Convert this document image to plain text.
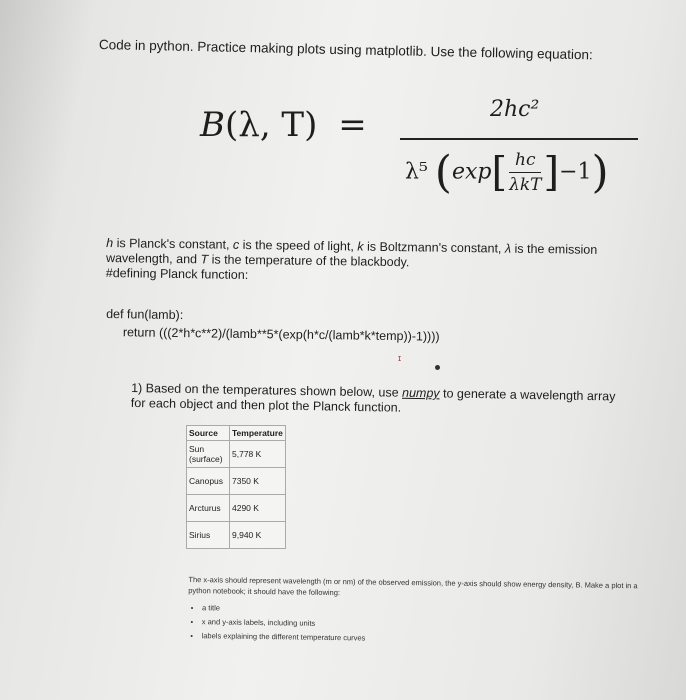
Code in python. Practice making plots using matplotlib. Use the following equation:
B(λ, T) =	2hc²
λ⁵ (exp[ hc
λkT]−1)
h is Planck's constant, c is the speed of light, k is Boltzmann's constant, λ is the emission wavelength, and T is the temperature of the blackbody.
#defining Planck function:
def fun(lamb):
return (((2*h*c**2)/(lamb**5*(exp(h*c/(lamb*k*temp))-1))))
ɪ
1) Based on the temperatures shown below, use numpy to generate a wavelength array for each object and then plot the Planck function.
Source	Temperature
Sun (surface)	5,778 K
Canopus	7350 K
Arcturus	4290 K
Sirius	9,940 K
The x-axis should represent wavelength (m or nm) of the observed emission, the y-axis should show energy density, B. Make a plot in a python notebook; it should have the following:
• a title
• x and y-axis labels, including units
• labels explaining the different temperature curves
